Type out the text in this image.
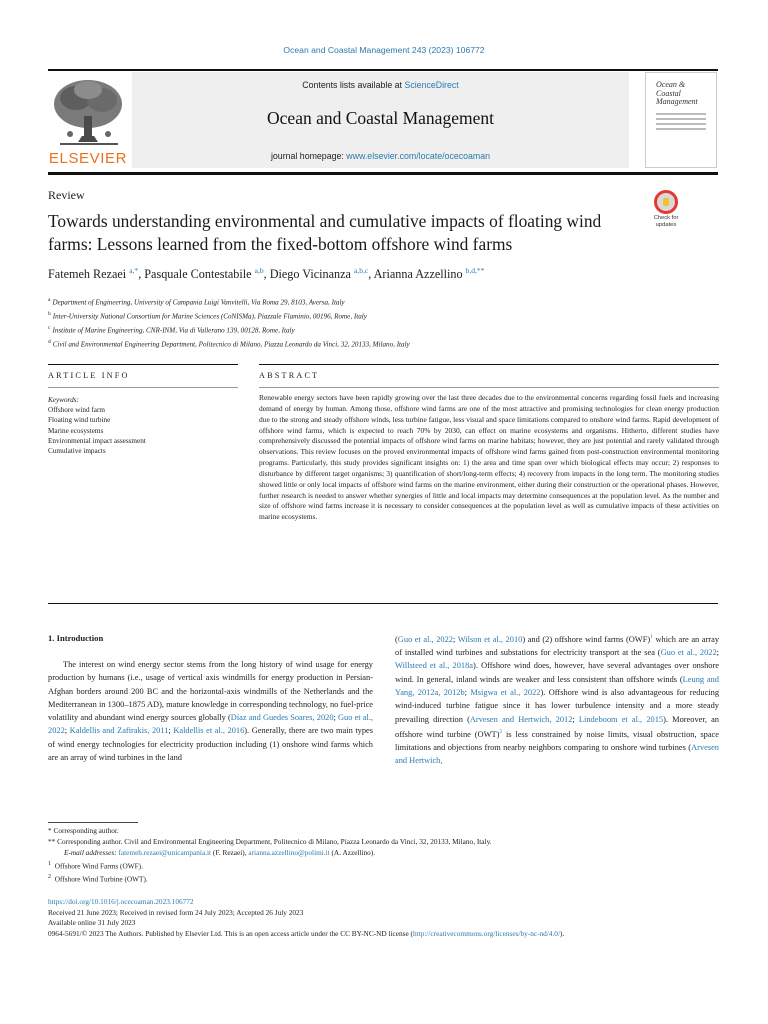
Ocean and Coastal Management 243 (2023) 106772
ELSEVIER
Contents lists available at ScienceDirect
Ocean and Coastal Management
journal homepage: www.elsevier.com/locate/ocecoaman
Ocean & Coastal Management
Review
Towards understanding environmental and cumulative impacts of floating wind farms: Lessons learned from the fixed-bottom offshore wind farms
Check for updates
Fatemeh Rezaei $^{a,*}$, Pasquale Contestabile $^{a,b}$, Diego Vicinanza $^{a,b,c}$, Arianna Azzellino $^{b,d,**}$
$^a$ Department of Engineering, University of Campania Luigi Vanvitelli, Via Roma 29, 8103, Aversa, Italy
$^b$ Inter-University National Consortium for Marine Sciences (CoNISMa), Piazzale Flaminio, 00196, Rome, Italy
$^c$ Institute of Marine Engineering, CNR-INM, Via di Vallerano 139, 00128, Rome, Italy
$^d$ Civil and Environmental Engineering Department, Politecnico di Milano, Piazza Leonardo da Vinci, 32, 20133, Milano, Italy
ARTICLE INFO	ABSTRACT
Keywords:
Offshore wind farm
Floating wind turbine
Marine ecosystems
Environmental impact assessment
Cumulative impacts
Renewable energy sectors have been rapidly growing over the last three decades due to the environmental concerns regarding fossil fuels and increasing demand of energy by human. Among those, offshore wind farms are one of the most attractive and promising technologies for clean energy production due to the strong and steady offshore winds, less turbine fatigue, less visual and space limitations compared to onshore wind farms. Rapid development of offshore wind farms, which is expected to reach 70% by 2030, can effect on marine ecosystems and organisms. Hitherto, different studies have comprehensively discussed the potential impacts of offshore wind farms on marine habitats; however, they are just potential and rarely validated through observations. This review focuses on the proved environmental impacts of offshore wind farms gained from post-construction environmental monitoring programs. Particularly, this study provides significant insights on: 1) the area and time span over which biological effects may occur; 2) responses to disturbance by different target organisms; 3) quantification of short/long-term effects; 4) recovery from impacts in the long term. The monitoring studies showed little or only local impacts of offshore wind farms on the marine environment, either during their construction or the operational phases. However, further research is needed to answer whether synergies of little and local impacts may determine consequences at the population level. As the number and size of offshore wind farms increase it is necessary to consider consequences at the population level as well as cumulative impacts of these activities on marine ecosystems.
1. Introduction
The interest on wind energy sector stems from the long history of wind usage for energy production by humans (i.e., usage of vertical axis windmills for energy production in Persian-Afghan borders around 200 BC and the horizontal-axis windmills of the Netherlands and the Mediterranean in 1300–1875 AD), mature knowledge in corresponding technology, no fuel-price volatility and abundant wind energy sources globally (Díaz and Guedes Soares, 2020; Guo et al., 2022; Kaldellis and Zafirakis, 2011; Kaldellis et al., 2016). Generally, there are two main types of wind energy technologies for electricity production including (1) onshore wind farms which are an array of wind turbines in the land
(Guo et al., 2022; Wilson et al., 2010) and (2) offshore wind farms (OWF)$^1$ which are an array of installed wind turbines and substations for electricity transport at the sea (Guo et al., 2022; Willsteed et al., 2018a). Offshore wind does, however, have several advantages over onshore wind. In general, inland winds are weaker and less consistent than offshore winds (Leung and Yang, 2012a, 2012b; Msigwa et al., 2022). Offshore wind is also advantageous for reducing wind-induced turbine fatigue since it has lower turbulence intensity and a more steady prevailing direction (Arvesen and Hertwich, 2012; Lindeboom et al., 2015). Moreover, an offshore wind turbine (OWT)$^2$ is less constrained by noise limits, visual obstruction, space limitations and objections from nearby neighbors comparing to onshore wind turbines (Arvesen and Hertwich,
* Corresponding author.
** Corresponding author. Civil and Environmental Engineering Department, Politecnico di Milano, Piazza Leonardo da Vinci, 32, 20133, Milano, Italy.
E-mail addresses: fatemeh.rezaei@unicampania.it (F. Rezaei), arianna.azzellino@polimi.it (A. Azzellino).
$^1$ Offshore Wind Farms (OWF).
$^2$ Offshore Wind Turbine (OWT).
https://doi.org/10.1016/j.ocecoaman.2023.106772
Received 21 June 2023; Received in revised form 24 July 2023; Accepted 26 July 2023
Available online 31 July 2023
0964-5691/© 2023 The Authors. Published by Elsevier Ltd. This is an open access article under the CC BY-NC-ND license (http://creativecommons.org/licenses/by-nc-nd/4.0/).
